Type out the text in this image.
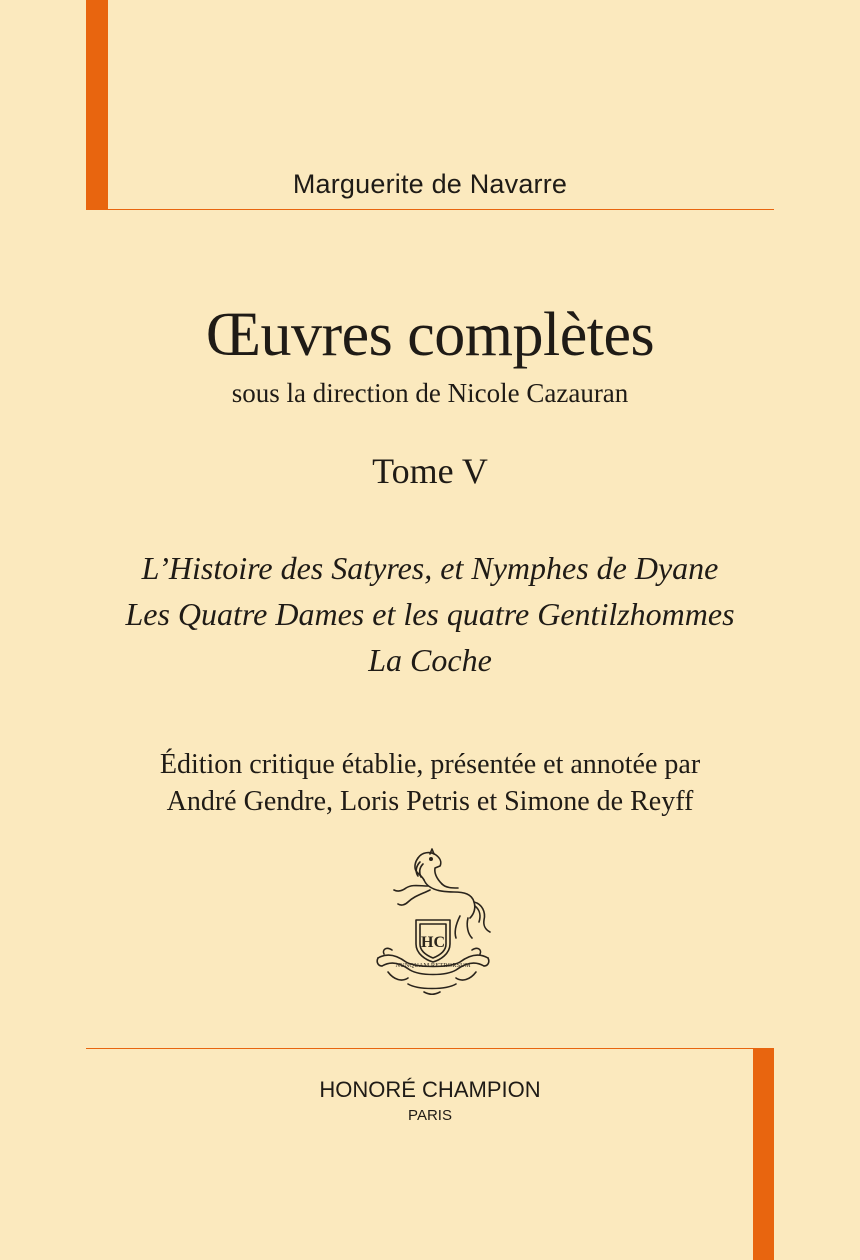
Marguerite de Navarre
Œuvres complètes
sous la direction de Nicole Cazauran
Tome V
L’Histoire des Satyres, et Nymphes de Dyane
Les Quatre Dames et les quatre Gentilzhommes
La Coche
Édition critique établie, présentée et annotée par
André Gendre, Loris Petris et Simone de Reyff
HC
NUNQUAM RETRORSUM
HONORÉ CHAMPION
PARIS
